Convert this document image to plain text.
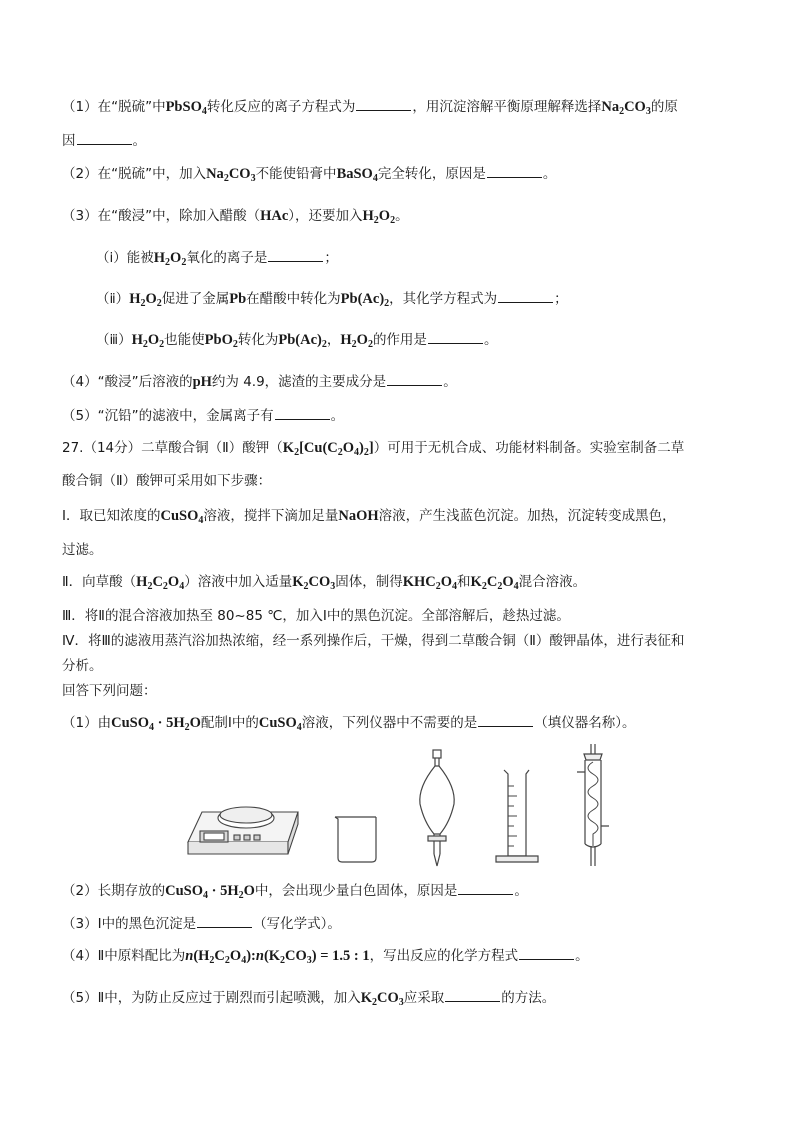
（1）在“脱硫”中PbSO$_4$转化反应的离子方程式为	，用沉淀溶解平衡原理解释选择$Na_2CO_3$的原
因	。
（2）在“脱硫”中，加入$Na_2CO_3$不能使铅膏中BaSO$_4$完全转化，原因是	。
（3）在“酸浸”中，除加入醋酸（HAc），还要加入$H_2O_2$。
（ⅰ）能被$H_2O_2$氧化的离子是	；
$(ⅱ)H_2O_2$促进了金属Pb在醋酸中转化为$Pb(Ac)_2$，其化学方程式为	；
$(ⅲ)H_2O_2$也能使PbO$_2$转化为$Pb(Ac)_2$，$H_2O_2$的作用是	。
（4）“酸浸”后溶液的pH约为 4.9，滤渣的主要成分是	。
（5）“沉铅”的滤液中，金属离子有	。
27.（14分）二草酸合铜（Ⅱ）酸钾$(K_2[Cu(C_2O_4)_2])$可用于无机合成、功能材料制备。实验室制备二草
酸合铜（Ⅱ）酸钾可采用如下步骤：
Ⅰ．取已知浓度的CuSO$_4$溶液，搅拌下滴加足量NaOH溶液，产生浅蓝色沉淀。加热，沉淀转变成黑色，
过滤。
Ⅱ．向草酸$(H_2C_2O_4)$溶液中加入适量$K_2CO_3$固体，制得$KHC_2O_4$和$K_2C_2O_4$混合溶液。
Ⅲ．将Ⅱ的混合溶液加热至 80~85 ℃，加入Ⅰ中的黑色沉淀。全部溶解后，趁热过滤。
Ⅳ．将Ⅲ的滤液用蒸汽浴加热浓缩，经一系列操作后，干燥，得到二草酸合铜（Ⅱ）酸钾晶体，进行表征和
分析。
回答下列问题：
（1）由CuSO$_4$ · $5H_2O$配制Ⅰ中的CuSO$_4$溶液，下列仪器中不需要的是	（填仪器名称）。
（2）长期存放的CuSO$_4$ · $5H_2O$中，会出现少量白色固体，原因是	。
（3）Ⅰ中的黑色沉淀是	（写化学式）。
（4）Ⅱ中原料配比为$n(H_2C_2O_4):n(K_2CO_3) = 1.5$ : 1，写出反应的化学方程式	。
（5）Ⅱ中，为防止反应过于剧烈而引起喷溅，加入$K_2CO_3$应采取	的方法。
